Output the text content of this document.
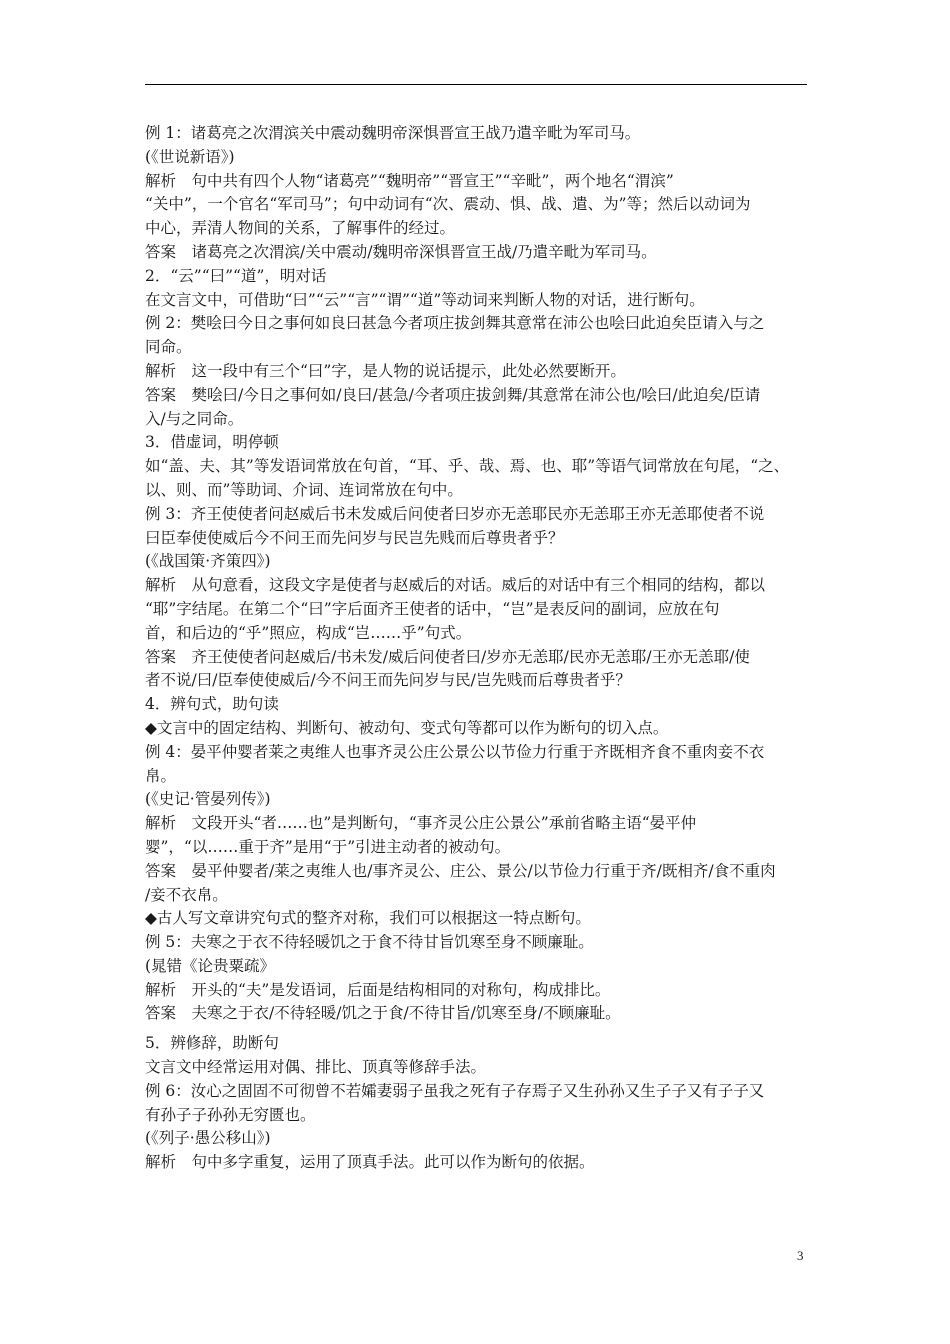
例 1：诸葛亮之次渭滨关中震动魏明帝深惧晋宣王战乃遣辛毗为军司马。
(《世说新语》)
解析　句中共有四个人物“诸葛亮”“魏明帝”“晋宣王”“辛毗”，两个地名“渭滨”
“关中”，一个官名“军司马”；句中动词有“次、震动、惧、战、遣、为”等；然后以动词为
中心，弄清人物间的关系，了解事件的经过。
答案　诸葛亮之次渭滨/关中震动/魏明帝深惧晋宣王战/乃遣辛毗为军司马。
2．“云”“曰”“道”，明对话
在文言文中，可借助“曰”“云”“言”“谓”“道”等动词来判断人物的对话，进行断句。
例 2：樊哙曰今日之事何如良曰甚急今者项庄拔剑舞其意常在沛公也哙曰此迫矣臣请入与之
同命。
解析　这一段中有三个“曰”字，是人物的说话提示，此处必然要断开。
答案　樊哙曰/今日之事何如/良曰/甚急/今者项庄拔剑舞/其意常在沛公也/哙曰/此迫矣/臣请
入/与之同命。
3．借虚词，明停顿
如“盖、夫、其”等发语词常放在句首，“耳、乎、哉、焉、也、耶”等语气词常放在句尾，“之、
以、则、而”等助词、介词、连词常放在句中。
例 3：齐王使使者问赵威后书未发威后问使者曰岁亦无恙耶民亦无恙耶王亦无恙耶使者不说
曰臣奉使使威后今不问王而先问岁与民岂先贱而后尊贵者乎？
(《战国策·齐策四》)
解析　从句意看，这段文字是使者与赵威后的对话。威后的对话中有三个相同的结构，都以
“耶”字结尾。在第二个“曰”字后面齐王使者的话中，“岂”是表反问的副词，应放在句
首，和后边的“乎”照应，构成“岂……乎”句式。
答案　齐王使使者问赵威后/书未发/威后问使者曰/岁亦无恙耶/民亦无恙耶/王亦无恙耶/使
者不说/曰/臣奉使使威后/今不问王而先问岁与民/岂先贱而后尊贵者乎？
4．辨句式，助句读
◆文言中的固定结构、判断句、被动句、变式句等都可以作为断句的切入点。
例 4：晏平仲婴者莱之夷维人也事齐灵公庄公景公以节俭力行重于齐既相齐食不重肉妾不衣
帛。
(《史记·管晏列传》)
解析　文段开头“者……也”是判断句，“事齐灵公庄公景公”承前省略主语“晏平仲
婴”，“以……重于齐”是用“于”引进主动者的被动句。
答案　晏平仲婴者/莱之夷维人也/事齐灵公、庄公、景公/以节俭力行重于齐/既相齐/食不重肉
/妾不衣帛。
◆古人写文章讲究句式的整齐对称，我们可以根据这一特点断句。
例 5：夫寒之于衣不待轻暖饥之于食不待甘旨饥寒至身不顾廉耻。
(晁错《论贵粟疏》
解析　开头的“夫”是发语词，后面是结构相同的对称句，构成排比。
答案　夫寒之于衣/不待轻暖/饥之于食/不待甘旨/饥寒至身/不顾廉耻。
5．辨修辞，助断句
文言文中经常运用对偶、排比、顶真等修辞手法。
例 6：汝心之固固不可彻曾不若孀妻弱子虽我之死有子存焉子又生孙孙又生子子又有子子又
有孙子子孙孙无穷匮也。
(《列子·愚公移山》)
解析　句中多字重复，运用了顶真手法。此可以作为断句的依据。
3
